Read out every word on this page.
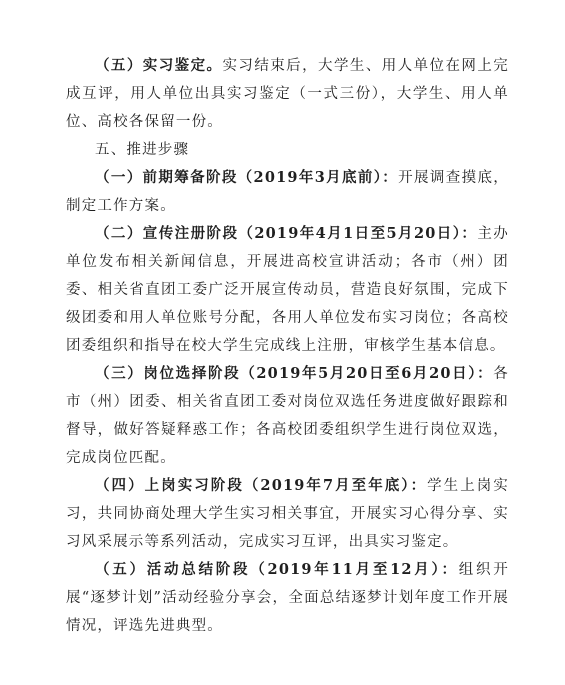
（五）实习鉴定。实习结束后，大学生、用人单位在网上完成互评，用人单位出具实习鉴定（一式三份），大学生、用人单位、高校各保留一份。

五、推进步骤

（一）前期筹备阶段（2019年3月底前）：开展调查摸底，制定工作方案。

（二）宣传注册阶段（2019年4月1日至5月20日）：主办单位发布相关新闻信息，开展进高校宣讲活动；各市（州）团委、相关省直团工委广泛开展宣传动员，营造良好氛围，完成下级团委和用人单位账号分配，各用人单位发布实习岗位；各高校团委组织和指导在校大学生完成线上注册，审核学生基本信息。

（三）岗位选择阶段（2019年5月20日至6月20日）：各市（州）团委、相关省直团工委对岗位双选任务进度做好跟踪和督导，做好答疑释惑工作；各高校团委组织学生进行岗位双选，完成岗位匹配。

（四）上岗实习阶段（2019年7月至年底）：学生上岗实习，共同协商处理大学生实习相关事宜，开展实习心得分享、实习风采展示等系列活动，完成实习互评，出具实习鉴定。

（五）活动总结阶段（2019年11月至12月）：组织开展“逐梦计划”活动经验分享会，全面总结逐梦计划年度工作开展情况，评选先进典型。
